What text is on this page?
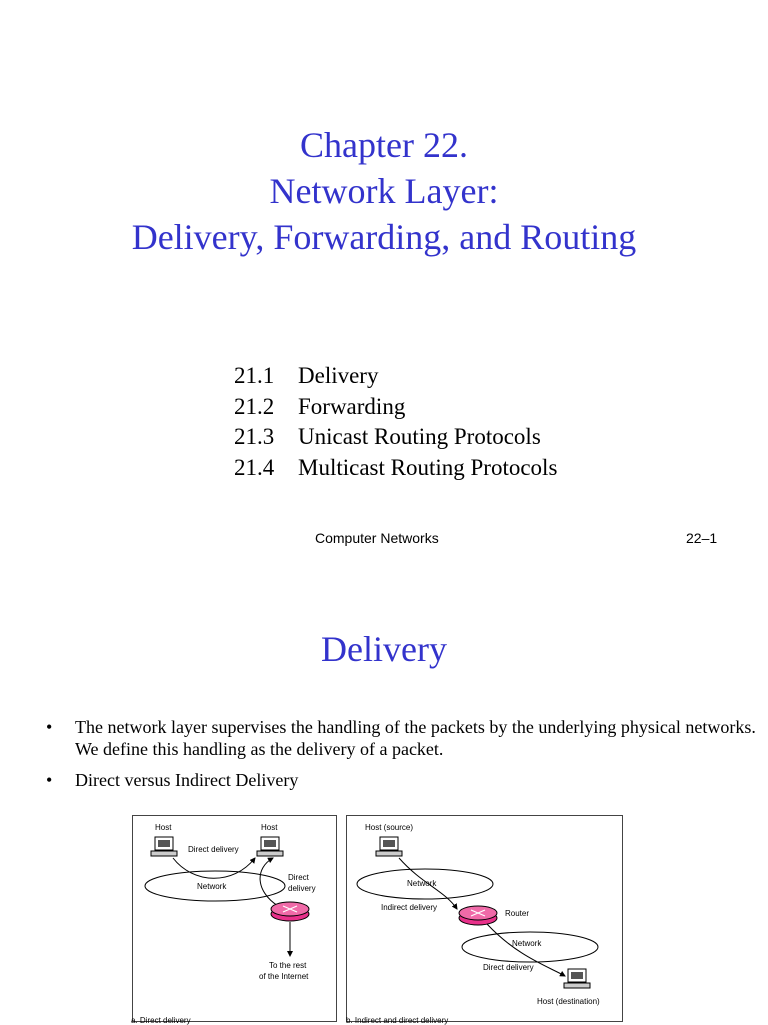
Chapter 22.
Network Layer:
Delivery, Forwarding, and Routing
21.1	Delivery
21.2	Forwarding
21.3	Unicast Routing Protocols
21.4	Multicast Routing Protocols
Computer Networks	22–1
Delivery
•	The network layer supervises the handling of the packets by the underlying physical networks. We define this handling as the delivery of a packet.
•	Direct versus Indirect Delivery
Host	Host
Network
Direct delivery
Direct
delivery
To the rest
of the Internet
Host (source)
Network
Indirect delivery
Router
Network
Direct delivery
Host (destination)
a. Direct delivery	b. Indirect and direct delivery
